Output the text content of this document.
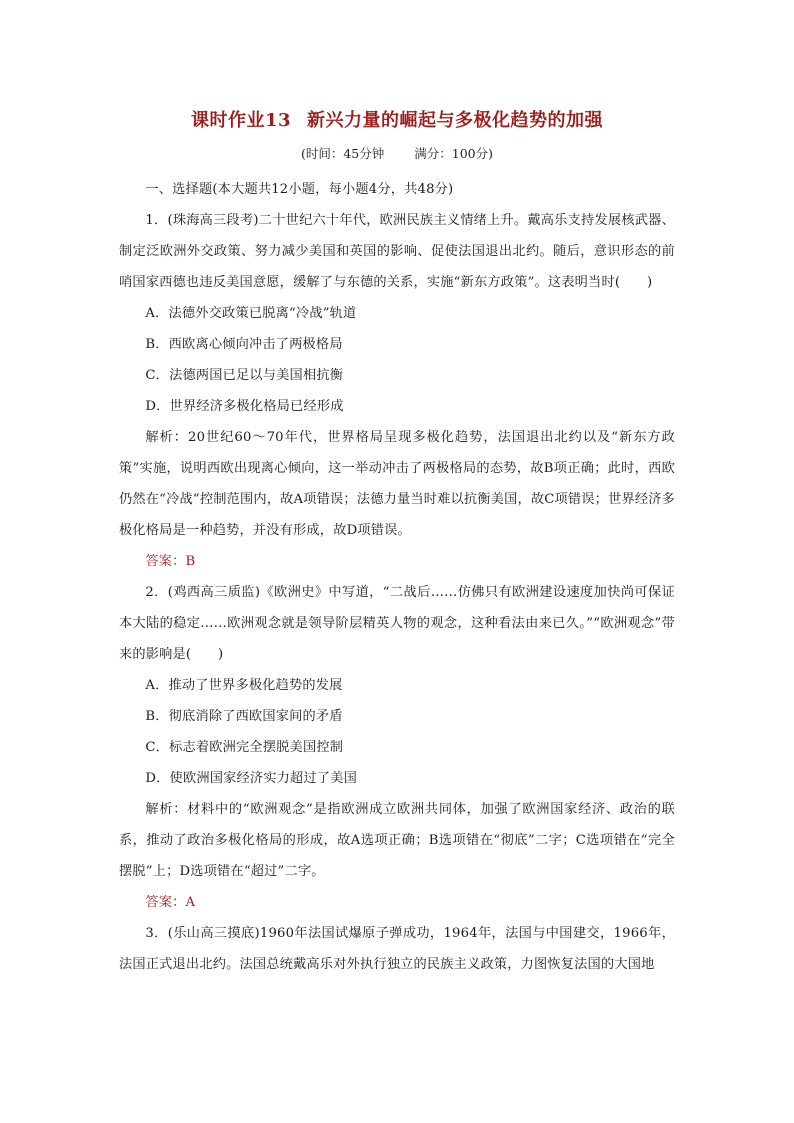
课时作业13 新兴力量的崛起与多极化趋势的加强
(时间：45分钟 满分：100分)

一、选择题(本大题共12小题，每小题4分，共48分)

1．(珠海高三段考)二十世纪六十年代，欧洲民族主义情绪上升。戴高乐支持发展核武器、制定泛欧洲外交政策、努力减少美国和英国的影响、促使法国退出北约。随后，意识形态的前哨国家西德也违反美国意愿，缓解了与东德的关系，实施“新东方政策”。这表明当时(　　)

A．法德外交政策已脱离“冷战”轨道

B．西欧离心倾向冲击了两极格局

C．法德两国已足以与美国相抗衡

D．世界经济多极化格局已经形成

解析：20世纪60～70年代，世界格局呈现多极化趋势，法国退出北约以及“新东方政策”实施，说明西欧出现离心倾向，这一举动冲击了两极格局的态势，故B项正确；此时，西欧仍然在“冷战”控制范围内，故A项错误；法德力量当时难以抗衡美国，故C项错误；世界经济多极化格局是一种趋势，并没有形成，故D项错误。

答案：B

2．(鸡西高三质监)《欧洲史》中写道，“二战后……仿佛只有欧洲建设速度加快尚可保证本大陆的稳定……欧洲观念就是领导阶层精英人物的观念，这种看法由来已久。”“欧洲观念”带来的影响是(　　)

A．推动了世界多极化趋势的发展

B．彻底消除了西欧国家间的矛盾

C．标志着欧洲完全摆脱美国控制

D．使欧洲国家经济实力超过了美国

解析：材料中的“欧洲观念”是指欧洲成立欧洲共同体，加强了欧洲国家经济、政治的联系，推动了政治多极化格局的形成，故A选项正确；B选项错在“彻底”二字；C选项错在“完全摆脱”上；D选项错在“超过”二字。

答案：A

3．(乐山高三摸底)1960年法国试爆原子弹成功，1964年，法国与中国建交，1966年，法国正式退出北约。法国总统戴高乐对外执行独立的民族主义政策，力图恢复法国的大国地
